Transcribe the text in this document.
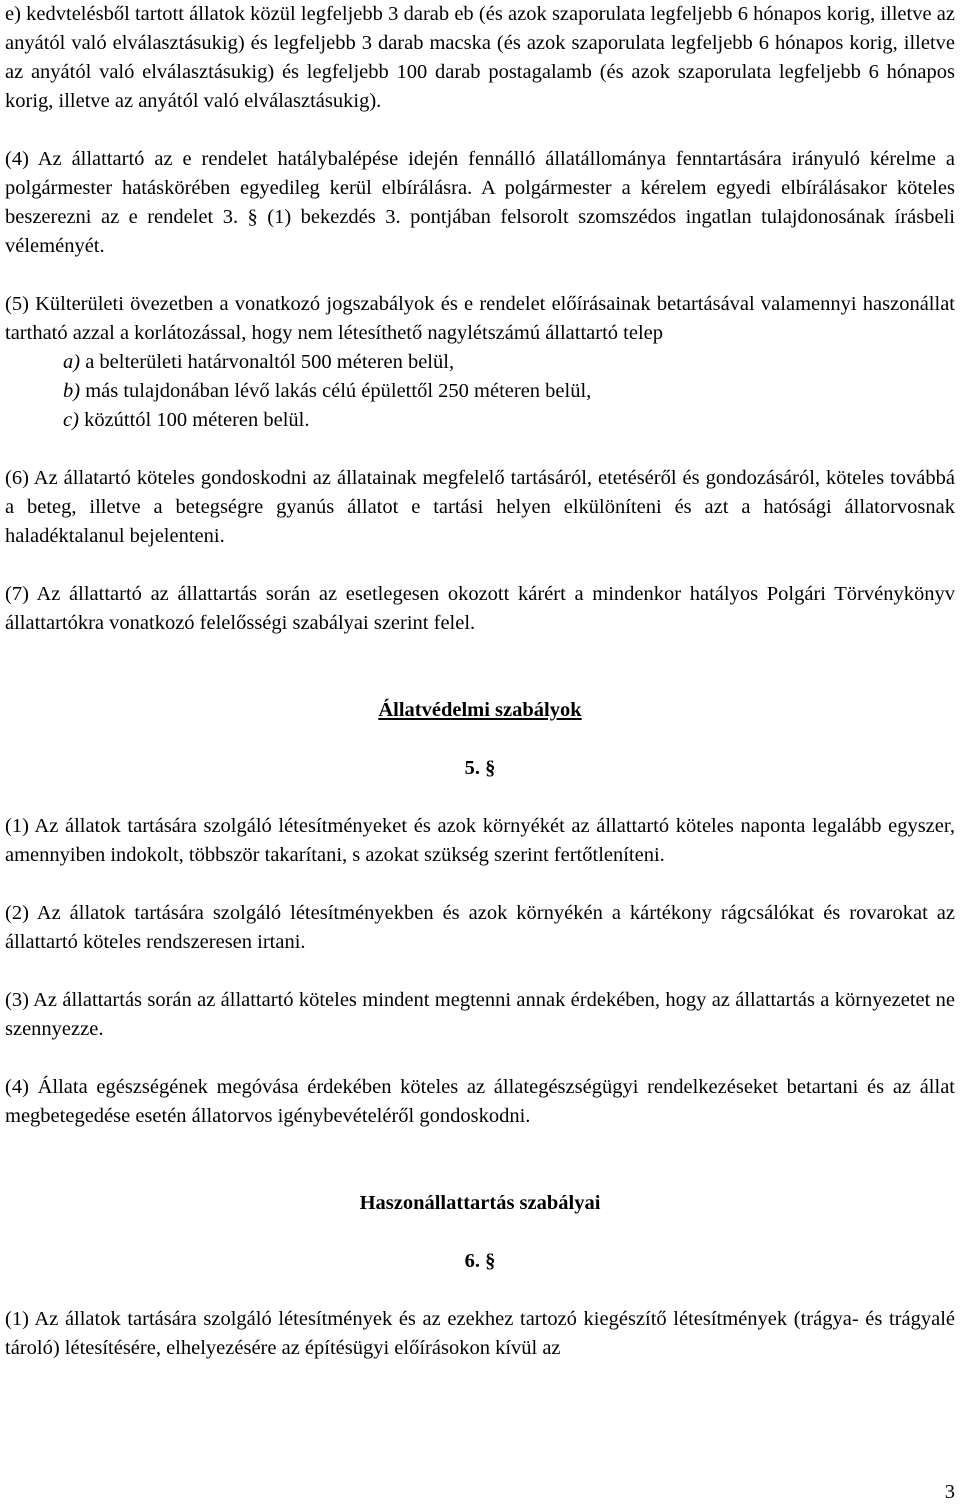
e) kedvtelésből tartott állatok közül legfeljebb 3 darab eb (és azok szaporulata legfeljebb 6 hónapos korig, illetve az anyától való elválasztásukig) és legfeljebb 3 darab macska (és azok szaporulata legfeljebb 6 hónapos korig, illetve az anyától való elválasztásukig) és legfeljebb 100 darab postagalamb (és azok szaporulata legfeljebb 6 hónapos korig, illetve az anyától való elválasztásukig).

(4) Az állattartó az e rendelet hatálybalépése idején fennálló állatállománya fenntartására irányuló kérelme a polgármester hatáskörében egyedileg kerül elbírálásra. A polgármester a kérelem egyedi elbírálásakor köteles beszerezni az e rendelet 3. § (1) bekezdés 3. pontjában felsorolt szomszédos ingatlan tulajdonosának írásbeli véleményét.

(5) Külterületi övezetben a vonatkozó jogszabályok és e rendelet előírásainak betartásával valamennyi haszonállat tartható azzal a korlátozással, hogy nem létesíthető nagylétszámú állattartó telep

a) a belterületi határvonaltól 500 méteren belül,

b) más tulajdonában lévő lakás célú épülettől 250 méteren belül,

c) közúttól 100 méteren belül.

(6) Az állatartó köteles gondoskodni az állatainak megfelelő tartásáról, etetéséről és gondozásáról, köteles továbbá a beteg, illetve a betegségre gyanús állatot e tartási helyen elkülöníteni és azt a hatósági állatorvosnak haladéktalanul bejelenteni.

(7) Az állattartó az állattartás során az esetlegesen okozott kárért a mindenkor hatályos Polgári Törvénykönyv állattartókra vonatkozó felelősségi szabályai szerint felel.

Állatvédelmi szabályok

5. §

(1) Az állatok tartására szolgáló létesítményeket és azok környékét az állattartó köteles naponta legalább egyszer, amennyiben indokolt, többször takarítani, s azokat szükség szerint fertőtleníteni.

(2) Az állatok tartására szolgáló létesítményekben és azok környékén a kártékony rágcsálókat és rovarokat az állattartó köteles rendszeresen irtani.

(3) Az állattartás során az állattartó köteles mindent megtenni annak érdekében, hogy az állattartás a környezetet ne szennyezze.

(4) Állata egészségének megóvása érdekében köteles az állategészségügyi rendelkezéseket betartani és az állat megbetegedése esetén állatorvos igénybevételéről gondoskodni.

Haszonállattartás szabályai

6. §

(1) Az állatok tartására szolgáló létesítmények és az ezekhez tartozó kiegészítő létesítmények (trágya- és trágyalé tároló) létesítésére, elhelyezésére az építésügyi előírásokon kívül az

3
